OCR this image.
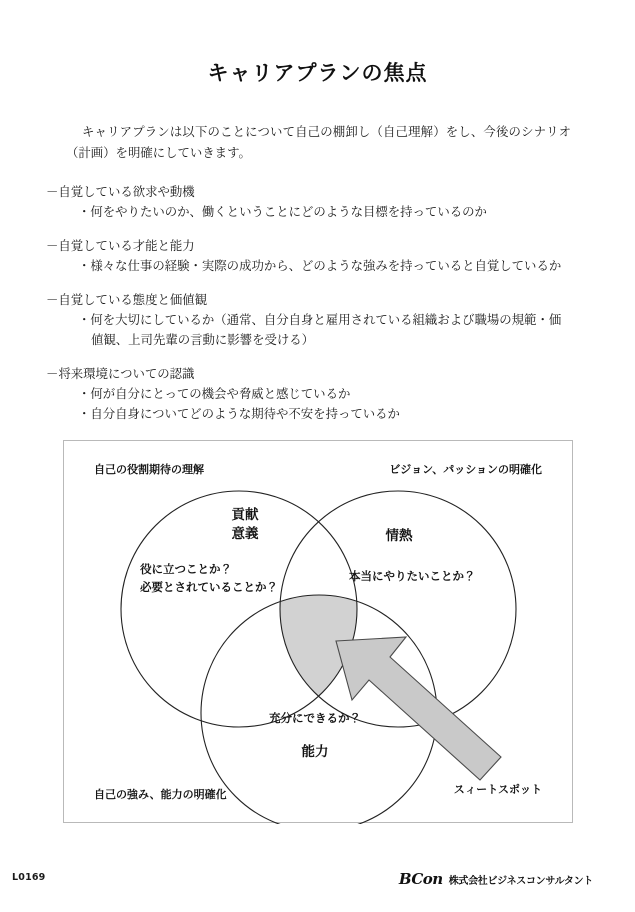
キャリアプランの焦点
キャリアプランは以下のことについて自己の棚卸し（自己理解）をし、今後のシナリオ（計画）を明確にしていきます。
－自覚している欲求や動機
・何をやりたいのか、働くということにどのような目標を持っているのか
－自覚している才能と能力
・様々な仕事の経験・実際の成功から、どのような強みを持っていると自覚しているか
－自覚している態度と価値観
・何を大切にしているか（通常、自分自身と雇用されている組織および職場の規範・価
値観、上司先輩の言動に影響を受ける）
－将来環境についての認識
・何が自分にとっての機会や脅威と感じているか
・自分自身についてどのような期待や不安を持っているか
自己の役割期待の理解	ビジョン、パッションの明確化
自己の強み、能力の明確化	スィートスポット
貢献
意義
役に立つことか？
必要とされていることか？
情熱
本当にやりたいことか？
充分にできるか？
能力
L0169	BCon 株式会社ビジネスコンサルタント
